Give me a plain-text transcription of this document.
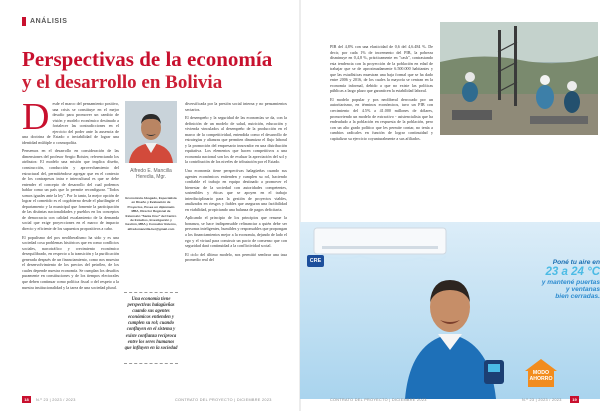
ANÁLISIS
Perspectivas de la economía
y el desarrollo en Bolivia

Desde el marco del pensamiento positivo, una crisis se constituye en el mejor desafío para promover un cambio de visión y modelo económico destinado a fortalecer las contradicciones en el ejercicio del poder ante la ausencia de una doctrina de Estado o inviabilidad de lograr una identidad múltiple o cosmopolita.

Pensemos en el desarrollo en consideración de las dimensiones del profesor Sergio Boisier, referenciando los atributos: El modelo una misión que implica diseño, construcción, conducción y aprovechamiento del estructural del, permitiéndose agregar que en el contexto de los contrapesos intra e intercultural es que se debe entender el concepto de desarrollo del cual podemos hablar como un país que lo permite reconfigurar. "Todos somos iguales ante la ley". Por lo tanto, la mejor opción de lograr el cometido es el cogobierno desde el plurilingüe el departamento y la municipal que fomente la participación de las distintas nacionalidades y pueblos en los conceptos de democracia con calidad escalamiento de la demanda social que exige proyecciones en el marco de impacto directo y eficiente de los supuestos propositivos a cabo.

El populismo del pos neoliberalismo ha sido y es una sociedad cosa problemas históricos que en como conflictos sociales, narcotráfico y crecimiento económico desequilibrado, en respecto a la transición y la purificación generada después de un financiamiento, como nos muestra el desenvolvimiento de los precios del petróleo, de los cuales depende nuestra economía. Se cumplan los desafíos puramente en constituciones y de los tiempos electorales que deben continuar como política fiscal o del respeto a la nuestra institucionalidad y la tarea de una sociedad plural.

Alfredo E. Mancilla Heredia, Mgr.
Economista Abogado, Especialista en Diseño y Evaluación de Proyectos, Posee un diplomado MBA, Director Regional de Extensión "Santa Cruz" del Centro de Estudios, Investigación y Gestión, MBA y Consultor Externo, alfredomancilla.her@gmail.com
Una economía tiene perspectivas halagüeñas cuando sus agentes económicos entienden y cumplen su rol; cuando confluyen en el sistema y existe confianza recíproca entre los seres humanos que influyen en la sociedad

diversificada por la presión social interna y no pensamientos sectarios.

El desempeño y la seguridad de las economías se da, con la definición de un modelo de salud, nutrición, educación y vivienda vinculados al desempeño de la producción en el marco de la competitividad, entendida como el desarrollo de estrategias y alianzas que permiten dinamizar el flujo laboral y la promoción del empresario innovador en una distribución equitativa. Los elementos que hacen competitivos a una economía nacional son los de evaluar la apreciación del sol y la contribución de los niveles de tributación por el Estado.

Una economía tiene perspectivas halagüeñas cuando sus agentes económicos entienden y cumplen su rol, haciendo confiable el trabajo en equipo destinado a promover el bienestar de la sociedad con autoridades competentes, sostenibles y éticas que se apoyen en el trabajo interdisciplinario para la gestión de proyectos viables, analizados en riesgos y fiables que aseguran una factibilidad en viabilidad, propiciando una balanza de pagos deficitaria.

Aplicando el principio de los principios que resume la bonanza, se hace indispensable refinanciar a quién debe ser personas inteligentes, humildes y responsables que propongan a los financiamientos mejor a la economía, dejando de lado el ego y el virtual para construir un pacto de consenso que con seguridad dará continuidad a la conflictividad social.

El ciclo del último modelo, nos permitió sembrar una tasa promedio real del

18	N.º 23 | 2023 / 2023	CONTRATO DEL PROYECTO | DICIEMBRE 2023

PIB del 4,8% con una elasticidad de 0,6 del 4,6.484 %. De decir, por cada 1% de incremento del PIB, la pobreza disminuye en 0,4,8 %, prácticamente en "cash", contrastando esta tendencia con la proyección de la población en edad de trabajar que se de aproximadamente 6.500.000 habitantes y que las estadísticas muestran una baja formal que se ha dado entre 2006 y 2016, de los cuales la mayoría se centran en la economía informal, debido a que no existe las políticas públicas a largo plazo que garanticen la estabilidad laboral.

El modelo popular y pos neoliberal derrocado por un autoritarismo, en términos económicos, tuvo un PIB con crecimiento del 4.5% a 41.000 millones de dólares, promoviendo un modelo de extractivo - asistencialista que ha endeudado a la población en respuesta de la población, pero con un alto grado político que les permite contar, no tenía a cambios radicales en función de lograr continuidad y capitalizar su ejercicio coyunturalmente a sus afiliados.

CRE	Poné tu aire en
23 a 24 °C
y mantené puertas
y ventanas
bien cerradas.
MODO
AHORRO
CONTRATO DEL PROYECTO | DICIEMBRE 2023	N.º 23 | 2023 / 2023	19
